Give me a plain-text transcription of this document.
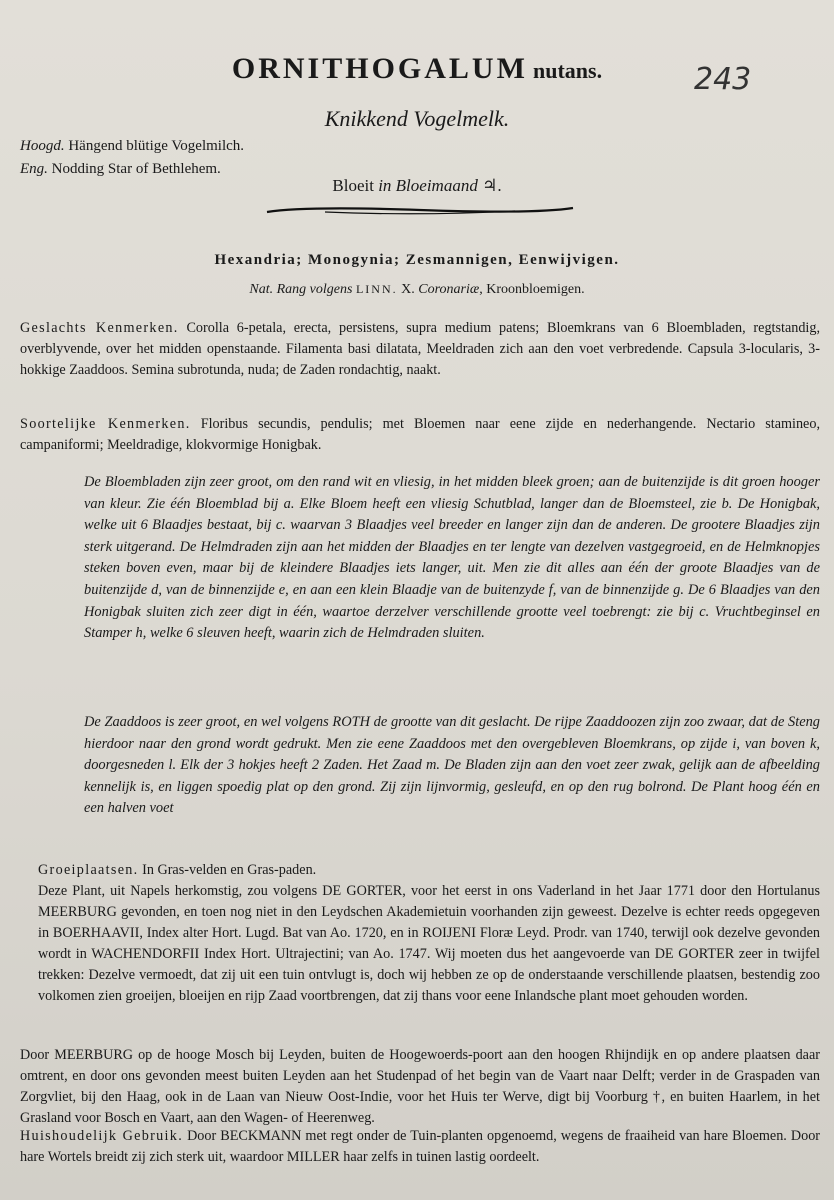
ORNITHOGALUM nutans.	243
Knikkend Vogelmelk.
Hoogd. Hängend blütige Vogelmilch.
Eng. Nodding Star of Bethlehem.
Bloeit in Bloeimaand ♃.
Hexandria; Monogynia; Zesmannigen, Eenwijvigen.
Nat. Rang volgens LINN. X. Coronariæ, Kroonbloemigen.
Geslachts Kenmerken. Corolla 6-petala, erecta, persistens, supra medium patens; Bloemkrans van 6 Bloembladen, regtstandig, overblyvende, over het midden openstaande. Filamenta basi dilatata, Meeldraden zich aan den voet verbredende. Capsula 3-locularis, 3-hokkige Zaaddoos. Semina subrotunda, nuda; de Zaden rondachtig, naakt.
Soortelijke Kenmerken. Floribus secundis, pendulis; met Bloemen naar eene zijde en nederhangende. Nectario stamineo, campaniformi; Meeldradige, klokvormige Honigbak.
De Bloembladen zijn zeer groot, om den rand wit en vliesig, in het midden bleek groen; aan de buitenzijde is dit groen hooger van kleur. Zie één Bloemblad bij a. Elke Bloem heeft een vliesig Schutblad, langer dan de Bloemsteel, zie b. De Honigbak, welke uit 6 Blaadjes bestaat, bij c. waarvan 3 Blaadjes veel breeder en langer zijn dan de anderen. De grootere Blaadjes zijn sterk uitgerand. De Helmdraden zijn aan het midden der Blaadjes en ter lengte van dezelven vastgegroeid, en de Helmknopjes steken boven even, maar bij de kleindere Blaadjes iets langer, uit. Men zie dit alles aan één der groote Blaadjes van de buitenzijde d, van de binnenzijde e, en aan een klein Blaadje van de buitenzyde f, van de binnenzijde g. De 6 Blaadjes van den Honigbak sluiten zich zeer digt in één, waartoe derzelver verschillende grootte veel toebrengt: zie bij c. Vruchtbeginsel en Stamper h, welke 6 sleuven heeft, waarin zich de Helmdraden sluiten.
De Zaaddoos is zeer groot, en wel volgens ROTH de grootte van dit geslacht. De rijpe Zaaddoozen zijn zoo zwaar, dat de Steng hierdoor naar den grond wordt gedrukt. Men zie eene Zaaddoos met den overgebleven Bloemkrans, op zijde i, van boven k, doorgesneden l. Elk der 3 hokjes heeft 2 Zaden. Het Zaad m. De Bladen zijn aan den voet zeer zwak, gelijk aan de afbeelding kennelijk is, en liggen spoedig plat op den grond. Zij zijn lijnvormig, gesleufd, en op den rug bolrond. De Plant hoog één en een halven voet
Groeiplaatsen. In Gras-velden en Gras-paden.
Deze Plant, uit Napels herkomstig, zou volgens DE GORTER, voor het eerst in ons Vaderland in het Jaar 1771 door den Hortulanus MEERBURG gevonden, en toen nog niet in den Leydschen Akademietuin voorhanden zijn geweest. Dezelve is echter reeds opgegeven in BOERHAAVII, Index alter Hort. Lugd. Bat van Ao. 1720, en in ROIJENI Floræ Leyd. Prodr. van 1740, terwijl ook dezelve gevonden wordt in WACHENDORFII Index Hort. Ultrajectini; van Ao. 1747. Wij moeten dus het aangevoerde van DE GORTER zeer in twijfel trekken: Dezelve vermoedt, dat zij uit een tuin ontvlugt is, doch wij hebben ze op de onderstaande verschillende plaatsen, bestendig zoo volkomen zien groeijen, bloeijen en rijp Zaad voortbrengen, dat zij thans voor eene Inlandsche plant moet gehouden worden.
Door MEERBURG op de hooge Mosch bij Leyden, buiten de Hoogewoerds-poort aan den hoogen Rhijndijk en op andere plaatsen daar omtrent, en door ons gevonden meest buiten Leyden aan het Studenpad of het begin van de Vaart naar Delft; verder in de Graspaden van Zorgvliet, bij den Haag, ook in de Laan van Nieuw Oost-Indie, voor het Huis ter Werve, digt bij Voorburg †, en buiten Haarlem, in het Grasland voor Bosch en Vaart, aan den Wagen- of Heerenweg.
Huishoudelijk Gebruik. Door BECKMANN met regt onder de Tuin-planten opgenoemd, wegens de fraaiheid van hare Bloemen. Door hare Wortels breidt zij zich sterk uit, waardoor MILLER haar zelfs in tuinen lastig oordeelt.
